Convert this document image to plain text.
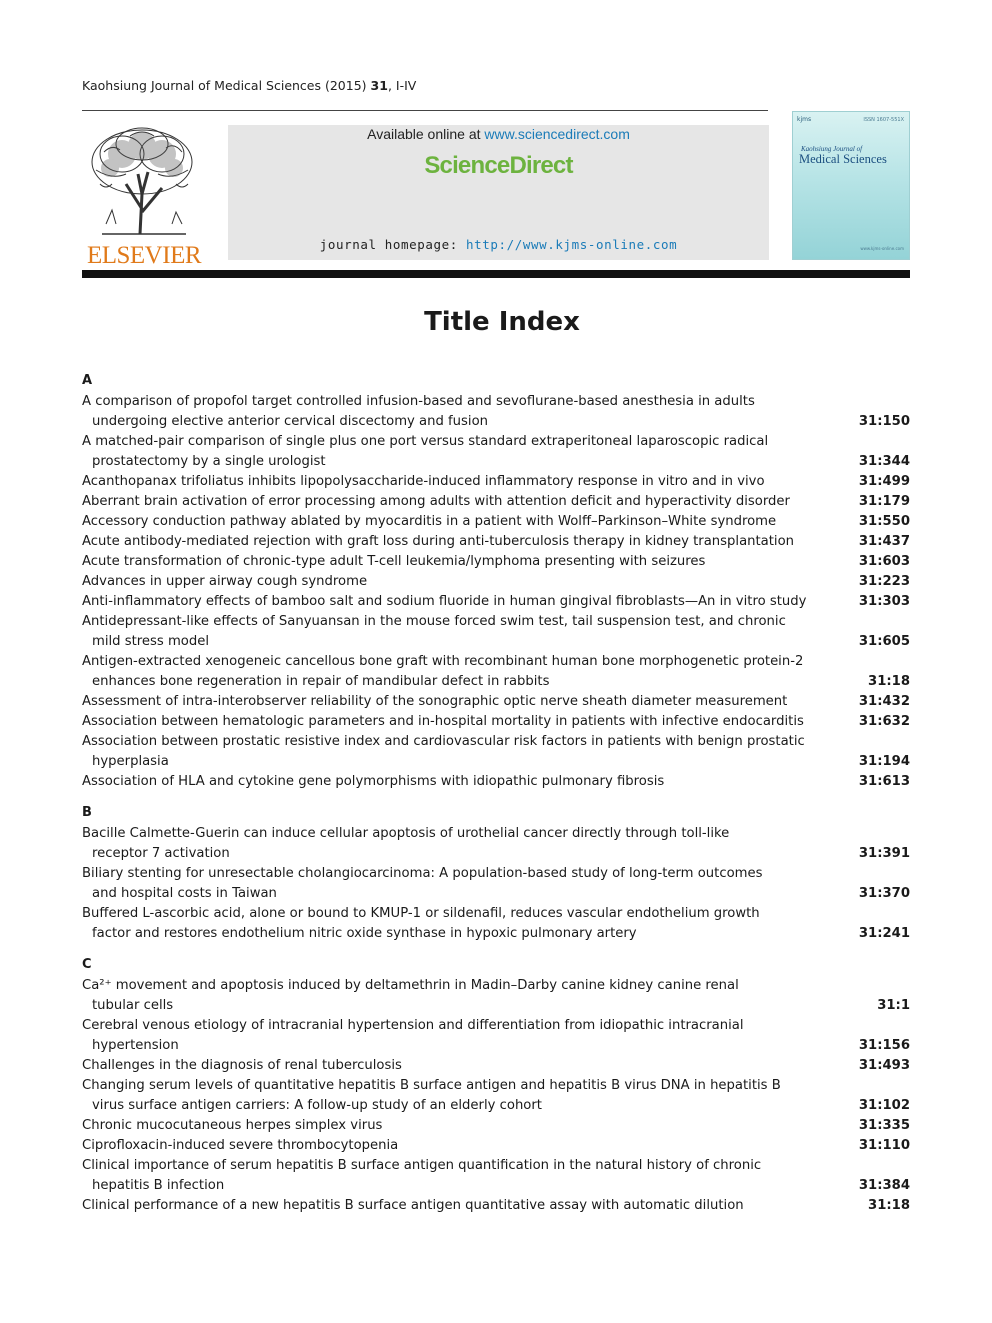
Kaohsiung Journal of Medical Sciences (2015) 31, I-IV
ELSEVIER
Available online at www.sciencedirect.com
ScienceDirect
journal homepage: http://www.kjms-online.com
kjms	ISSN 1607-551X
Kaohsiung Journal of
Medical Sciences
www.kjms-online.com
Title Index
A
A comparison of propofol target controlled infusion-based and sevoflurane-based anesthesia in adults
undergoing elective anterior cervical discectomy and fusion	31:150
A matched-pair comparison of single plus one port versus standard extraperitoneal laparoscopic radical
prostatectomy by a single urologist	31:344
Acanthopanax trifoliatus inhibits lipopolysaccharide-induced inflammatory response in vitro and in vivo	31:499
Aberrant brain activation of error processing among adults with attention deficit and hyperactivity disorder	31:179
Accessory conduction pathway ablated by myocarditis in a patient with Wolff–Parkinson–White syndrome	31:550
Acute antibody-mediated rejection with graft loss during anti-tuberculosis therapy in kidney transplantation	31:437
Acute transformation of chronic-type adult T-cell leukemia/lymphoma presenting with seizures	31:603
Advances in upper airway cough syndrome	31:223
Anti-inflammatory effects of bamboo salt and sodium fluoride in human gingival fibroblasts—An in vitro study	31:303
Antidepressant-like effects of Sanyuansan in the mouse forced swim test, tail suspension test, and chronic
mild stress model	31:605
Antigen-extracted xenogeneic cancellous bone graft with recombinant human bone morphogenetic protein-2
enhances bone regeneration in repair of mandibular defect in rabbits	31:18
Assessment of intra-interobserver reliability of the sonographic optic nerve sheath diameter measurement	31:432
Association between hematologic parameters and in-hospital mortality in patients with infective endocarditis	31:632
Association between prostatic resistive index and cardiovascular risk factors in patients with benign prostatic
hyperplasia	31:194
Association of HLA and cytokine gene polymorphisms with idiopathic pulmonary fibrosis	31:613
B
Bacille Calmette-Guerin can induce cellular apoptosis of urothelial cancer directly through toll-like
receptor 7 activation	31:391
Biliary stenting for unresectable cholangiocarcinoma: A population-based study of long-term outcomes
and hospital costs in Taiwan	31:370
Buffered L-ascorbic acid, alone or bound to KMUP-1 or sildenafil, reduces vascular endothelium growth
factor and restores endothelium nitric oxide synthase in hypoxic pulmonary artery	31:241
C
Ca²⁺ movement and apoptosis induced by deltamethrin in Madin–Darby canine kidney canine renal
tubular cells	31:1
Cerebral venous etiology of intracranial hypertension and differentiation from idiopathic intracranial
hypertension	31:156
Challenges in the diagnosis of renal tuberculosis	31:493
Changing serum levels of quantitative hepatitis B surface antigen and hepatitis B virus DNA in hepatitis B
virus surface antigen carriers: A follow-up study of an elderly cohort	31:102
Chronic mucocutaneous herpes simplex virus	31:335
Ciprofloxacin-induced severe thrombocytopenia	31:110
Clinical importance of serum hepatitis B surface antigen quantification in the natural history of chronic
hepatitis B infection	31:384
Clinical performance of a new hepatitis B surface antigen quantitative assay with automatic dilution	31:18
